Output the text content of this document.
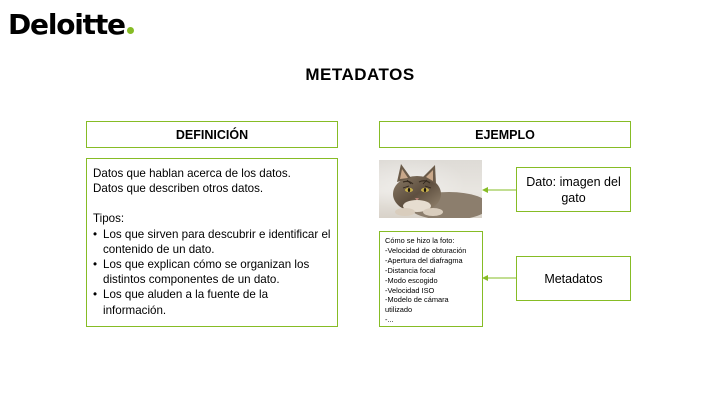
Deloitte
METADATOS
DEFINICIÓN	EJEMPLO

Datos que hablan acerca de los datos.

Datos que describen otros datos.

Tipos:

• Los que sirven para descubrir e identificar el contenido de un dato.
• Los que explican cómo se organizan los distintos componentes de un dato.
• Los que aluden a la fuente de la información.
Cómo se hizo la foto:
-Velocidad de obturación
-Apertura del diafragma
-Distancia focal
-Modo escogido
-Velocidad ISO
-Modelo de cámara
utilizado
-...
Dato: imagen del gato
Metadatos
